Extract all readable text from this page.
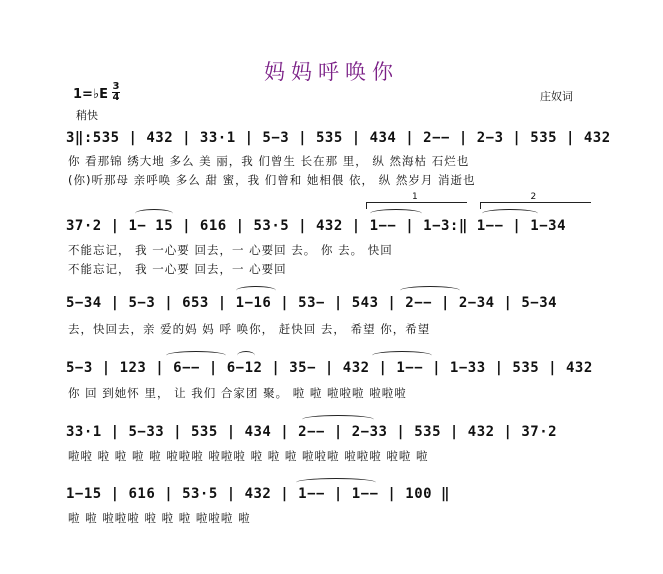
妈妈呼唤你
1=♭E
3
4
稍快
庄奴词
3‖:535 | 432 | 33·1 | 5−3 | 535 | 434 | 2−− | 2−3 | 535 | 432
你 看那锦 绣大地 多么 美 丽，我 们曾生 长在那 里， 纵 然海枯 石烂也
(你)听那母 亲呼唤 多么 甜 蜜，我 们曾和 她相偎 依， 纵 然岁月 消逝也
1	2
37·2 | 1− 15 | 616 | 53·5 | 432 | 1−− | 1−3:‖ 1−− | 1−34
不能忘记， 我 一心要 回去，一 心要回 去。 你 去。 快回
不能忘记， 我 一心要 回去，一 心要回
5−34 | 5−3 | 653 | 1−16 | 53− | 543 | 2−− | 2−34 | 5−34
去，快回去，亲 爱的妈 妈 呼 唤你， 赶快回 去， 希望 你，希望
5−3 | 123 | 6−− | 6−12 | 35− | 432 | 1−− | 1−33 | 535 | 432
你 回 到她怀 里， 让 我们 合家团 聚。 啦 啦 啦啦啦 啦啦啦
33·1 | 5−33 | 535 | 434 | 2−− | 2−33 | 535 | 432 | 37·2
啦啦 啦 啦 啦 啦 啦啦啦 啦啦啦 啦 啦 啦 啦啦啦 啦啦啦 啦啦 啦
1−15 | 616 | 53·5 | 432 | 1−− | 1−− | 100 ‖
啦 啦 啦啦啦 啦 啦 啦 啦啦啦 啦
